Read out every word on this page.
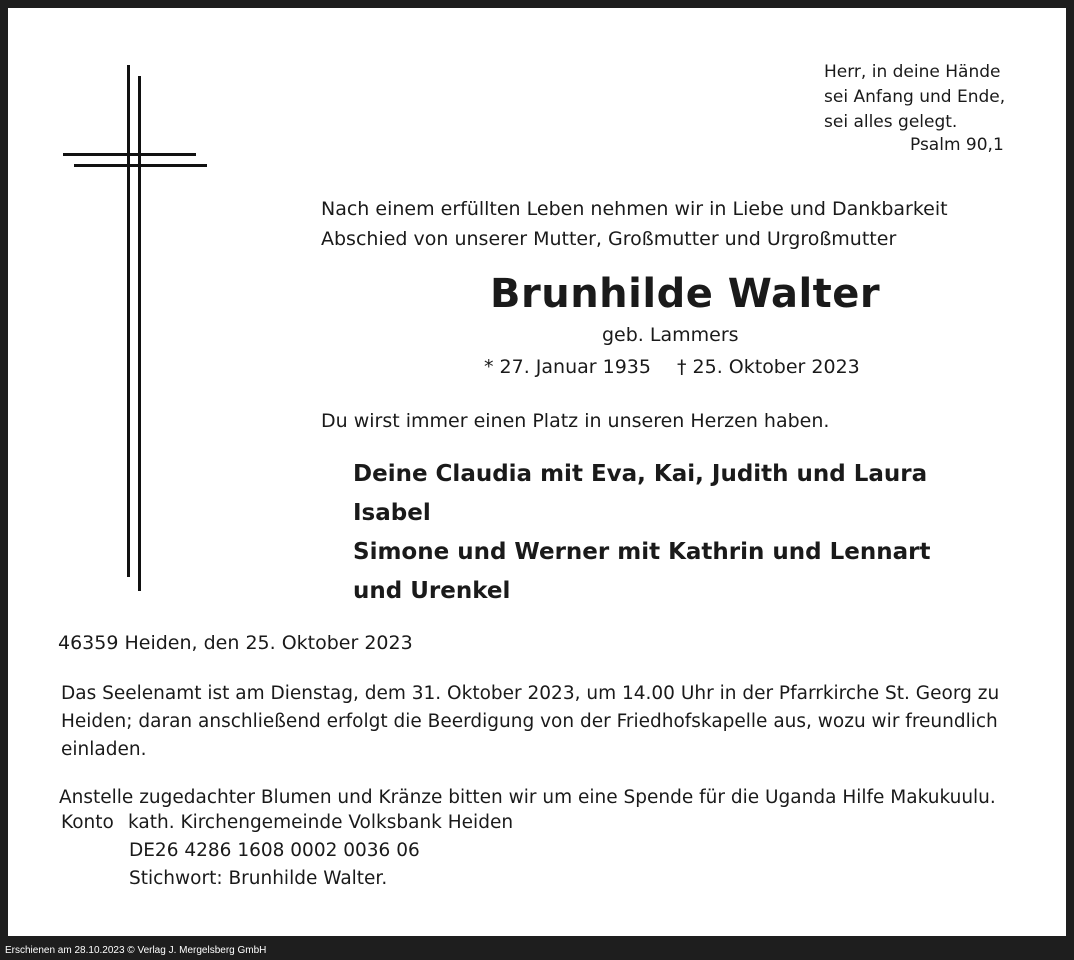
Herr, in deine Hände
sei Anfang und Ende,
sei alles gelegt.

Psalm 90,1

Nach einem erfüllten Leben nehmen wir in Liebe und Dankbarkeit Abschied von unserer Mutter, Großmutter und Urgroßmutter

Brunhilde Walter

geb. Lammers

* 27. Januar 1935 † 25. Oktober 2023

Du wirst immer einen Platz in unseren Herzen haben.

Deine Claudia mit Eva, Kai, Judith und Laura
Isabel
Simone und Werner mit Kathrin und Lennart
und Urenkel

46359 Heiden, den 25. Oktober 2023

Das Seelenamt ist am Dienstag, dem 31. Oktober 2023, um 14.00 Uhr in der Pfarrkirche St. Georg zu Heiden; daran anschließend erfolgt die Beerdigung von der Friedhofskapelle aus, wozu wir freundlich einladen.

Anstelle zugedachter Blumen und Kränze bitten wir um eine Spende für die Uganda Hilfe Makukuulu.

Konto kath. Kirchengemeinde Volksbank Heiden

DE26 4286 1608 0002 0036 06

Stichwort: Brunhilde Walter.

Erschienen am 28.10.2023 © Verlag J. Mergelsberg GmbH
